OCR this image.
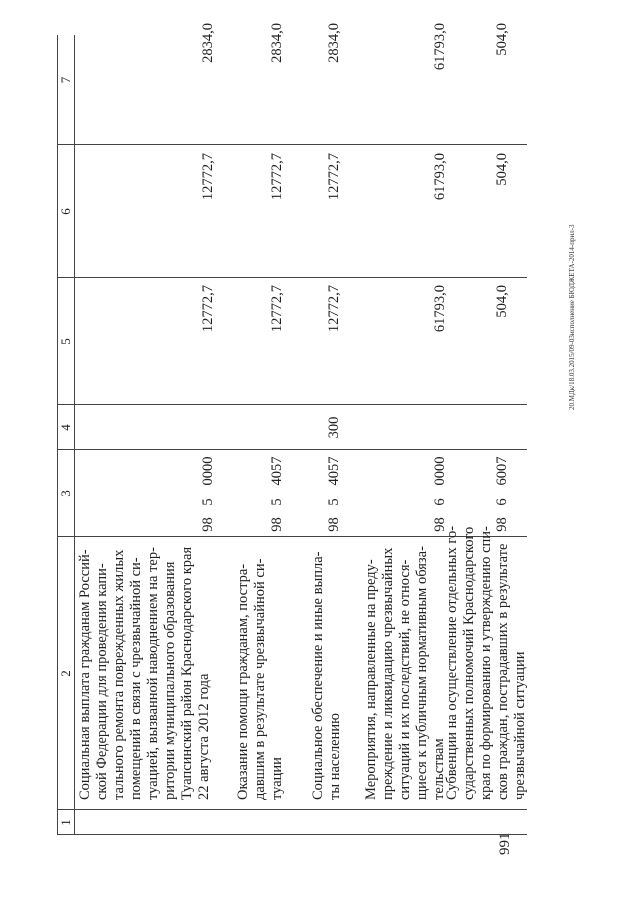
991
1
2
3
4
5
6
7
Социальная выплата гражданам Россий- ской Федерации для проведения капи- тального ремонта поврежденных жилых помещений в связи с чрезвычайной си- туацией, вызванной наводнением на тер- ритории муниципального образования Туапсинский район Краснодарского края 22 августа 2012 года
98
5
0000
12772,7
12772,7
2834,0
Оказание помощи гражданам, постра- давшим в результате чрезвычайной си- туации
98
5
4057
12772,7
12772,7
2834,0
Социальное обеспечение и иные выпла- ты населению
98
5
4057
300
12772,7
12772,7
2834,0
Мероприятия, направленные на преду- преждение и ликвидацию чрезвычайных ситуаций и их последствий, не относя- щиеся к публичным нормативным обяза- тельствам
98
6
0000
61793,0
61793,0
61793,0
Субвенции на осуществление отдельных го- сударственных полномочий Краснодарского края по формированию и утверждению спи- сков граждан, пострадавших в результате чрезвычайной ситуации
98
6
6007
504,0
504,0
504,0
20.МДк/18.03.2015/09-03исполнение БЮДЖЕТА-2014-прил-3
